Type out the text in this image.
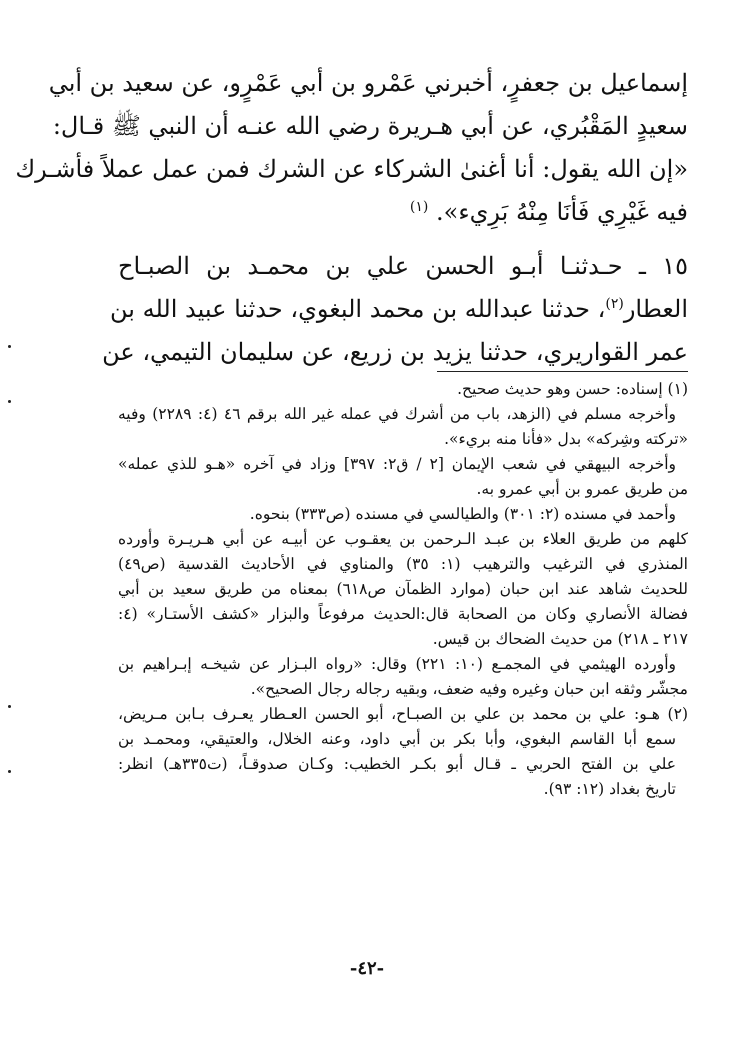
إسماعيل بن جعفرٍ، أخبرني عَمْرو بن أبي عَمْرٍو، عن سعيد بن أبي
سعيدٍ المَقْبُري، عن أبي هـريرة رضي الله عنـه أن النبي ﷺ قـال:
«إن الله يقول: أنا أغنىٰ الشركاء عن الشرك فمن عمل عملاً فأشـرك
فيه غَيْرِي فَأنَا مِنْهُ بَرِيء». $^{(١)}$
١٥ ـ حـدثنـا أبـو الحسن علي بن محمـد بن الصبـاح
العطار$^{(٢)}$، حدثنا عبدالله بن محمد البغوي، حدثنا عبيد الله بن
عمر القواريري، حدثنا يزيد بن زريع، عن سليمان التيمي، عن
(١) إسناده: حسن وهو حديث صحيح.
وأخرجه مسلم في (الزهد، باب من أشرك في عمله غير الله برقم ٤٦ (٤: ٢٢٨٩) وفيه
«تركته وشِركه» بدل «فأنا منه بريء».
وأخرجه البيهقي في شعب الإيمان [٢ / ق٢: ٣٩٧] وزاد في آخره «هـو للذي عمله»
من طريق عمرو بن أبي عمرو به.
وأحمد في مسنده (٢: ٣٠١) والطيالسي في مسنده (ص٣٣٣) بنحوه.
كلهم من طريق العلاء بن عبـد الـرحمن بن يعقـوب عن أبيـه عن أبي هـريـرة وأورده
المنذري في الترغيب والترهيب (١: ٣٥) والمناوي في الأحاديث القدسية (ص٤٩)
للحديث شاهد عند ابن حبان (موارد الظمآن ص٦١٨) بمعناه من طريق سعيد بن أبي
فضالة الأنصاري وكان من الصحابة قال:الحديث مرفوعاً والبزار «كشف الأستـار» (٤:
٢١٧ ـ ٢١٨) من حديث الضحاك بن قيس.
وأورده الهيثمي في المجمـع (١٠: ٢٢١) وقال: «رواه البـزار عن شيخـه إبـراهيم بن
مجشّر وثقه ابن حبان وغيره وفيه ضعف، وبقيه رجاله رجال الصحيح».
(٢) هـو: علي بن محمد بن علي بن الصبـاح، أبو الحسن العـطار يعـرف بـابن مـريض،
سمع أبا القاسم البغوي، وأبا بكر بن أبي داود، وعنه الخلال، والعتيقي، ومحمـد بن
علي بن الفتح الحربي ـ قـال أبو بكـر الخطيب: وكـان صدوقـاً، (ت٣٣٥هـ) انظر:
تاريخ بغداد (١٢: ٩٣).
-٤٢-
